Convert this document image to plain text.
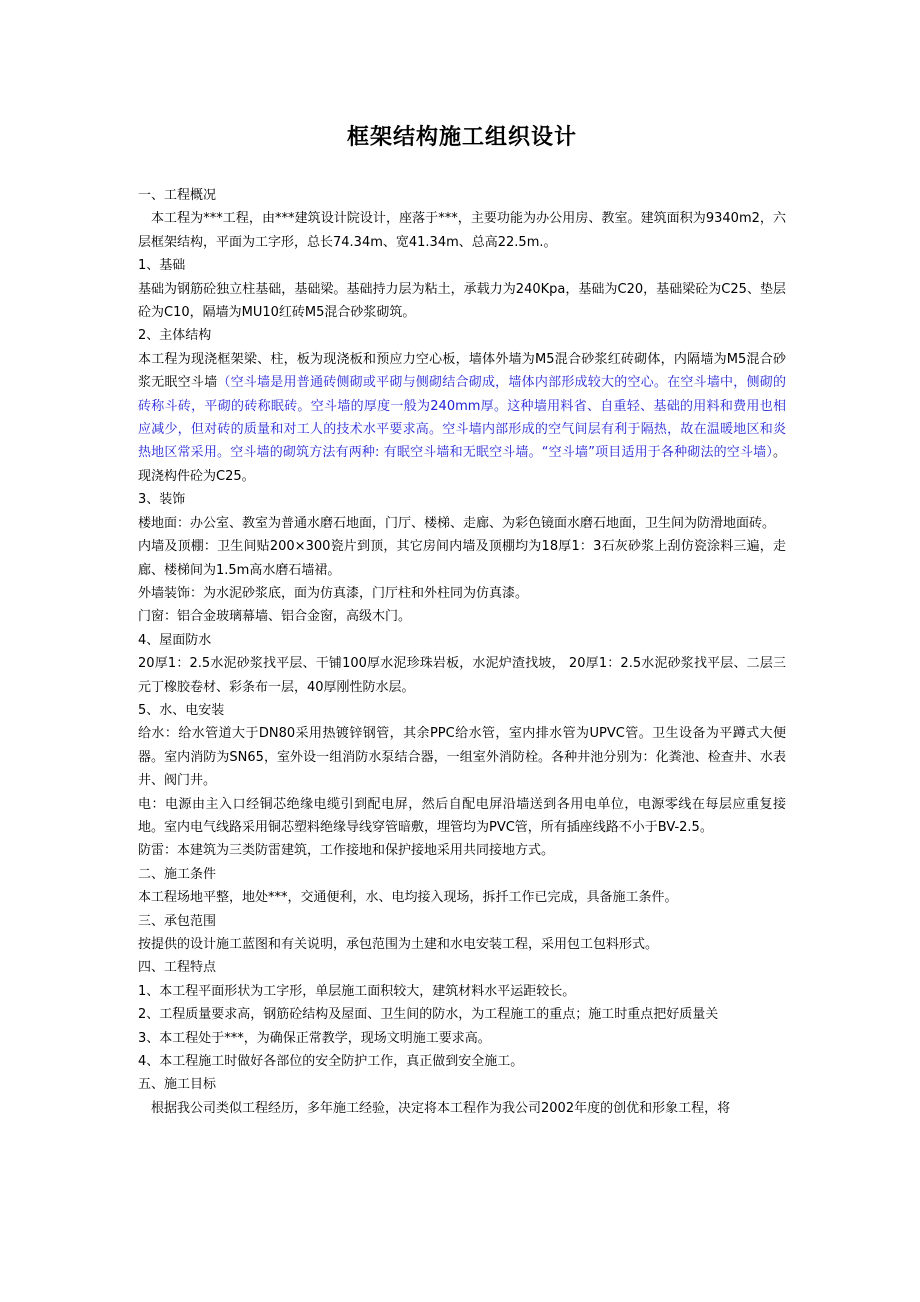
框架结构施工组织设计

一、工程概况

本工程为***工程，由***建筑设计院设计，座落于***，主要功能为办公用房、教室。建筑面积为9340m2，六层框架结构，平面为工字形，总长74.34m、宽41.34m、总高22.5m.。

1、基础

基础为钢筋砼独立柱基础，基础梁。基础持力层为粘土，承载力为240Kpa，基础为C20，基础梁砼为C25、垫层砼为C10，隔墙为MU10红砖M5混合砂浆砌筑。

2、主体结构

本工程为现浇框架梁、柱，板为现浇板和预应力空心板，墙体外墙为M5混合砂浆红砖砌体，内隔墙为M5混合砂浆无眠空斗墙（空斗墙是用普通砖侧砌或平砌与侧砌结合砌成，墙体内部形成较大的空心。在空斗墙中，侧砌的砖称斗砖，平砌的砖称眠砖。空斗墙的厚度一般为240mm厚。这种墙用料省、自重轻、基础的用料和费用也相应减少，但对砖的质量和对工人的技术水平要求高。空斗墙内部形成的空气间层有利于隔热，故在温暖地区和炎热地区常采用。空斗墙的砌筑方法有两种: 有眠空斗墙和无眠空斗墙。“空斗墙”项目适用于各种砌法的空斗墙）。现浇构件砼为C25。

3、装饰

楼地面：办公室、教室为普通水磨石地面，门厅、楼梯、走廊、为彩色镜面水磨石地面，卫生间为防滑地面砖。

内墙及顶棚：卫生间贴200×300瓷片到顶，其它房间内墙及顶棚均为18厚1：3石灰砂浆上刮仿瓷涂料三遍，走廊、楼梯间为1.5m高水磨石墙裙。

外墙装饰：为水泥砂浆底，面为仿真漆，门厅柱和外柱同为仿真漆。

门窗：铝合金玻璃幕墙、铝合金窗，高级木门。

4、屋面防水

20厚1：2.5水泥砂浆找平层、干铺100厚水泥珍珠岩板，水泥炉渣找坡， 20厚1：2.5水泥砂浆找平层、二层三元丁橡胶卷材、彩条布一层，40厚刚性防水层。

5、水、电安装

给水：给水管道大于DN80采用热镀锌钢管，其余PPC给水管，室内排水管为UPVC管。卫生设备为平蹲式大便器。室内消防为SN65，室外设一组消防水泵结合器，一组室外消防栓。各种井池分别为：化粪池、检查井、水表井、阀门井。

电：电源由主入口经铜芯绝缘电缆引到配电屏，然后自配电屏沿墙送到各用电单位，电源零线在每层应重复接地。室内电气线路采用铜芯塑料绝缘导线穿管暗敷，埋管均为PVC管，所有插座线路不小于BV-2.5。

防雷：本建筑为三类防雷建筑，工作接地和保护接地采用共同接地方式。

二、施工条件

本工程场地平整，地处***，交通便利，水、电均接入现场，拆扦工作已完成，具备施工条件。

三、承包范围

按提供的设计施工蓝图和有关说明，承包范围为土建和水电安装工程，采用包工包料形式。

四、工程特点

1、本工程平面形状为工字形，单层施工面积较大，建筑材料水平运距较长。

2、工程质量要求高，钢筋砼结构及屋面、卫生间的防水，为工程施工的重点；施工时重点把好质量关

3、本工程处于***，为确保正常教学，现场文明施工要求高。

4、本工程施工时做好各部位的安全防护工作，真正做到安全施工。

五、施工目标

根据我公司类似工程经历，多年施工经验，决定将本工程作为我公司2002年度的创优和形象工程，将
